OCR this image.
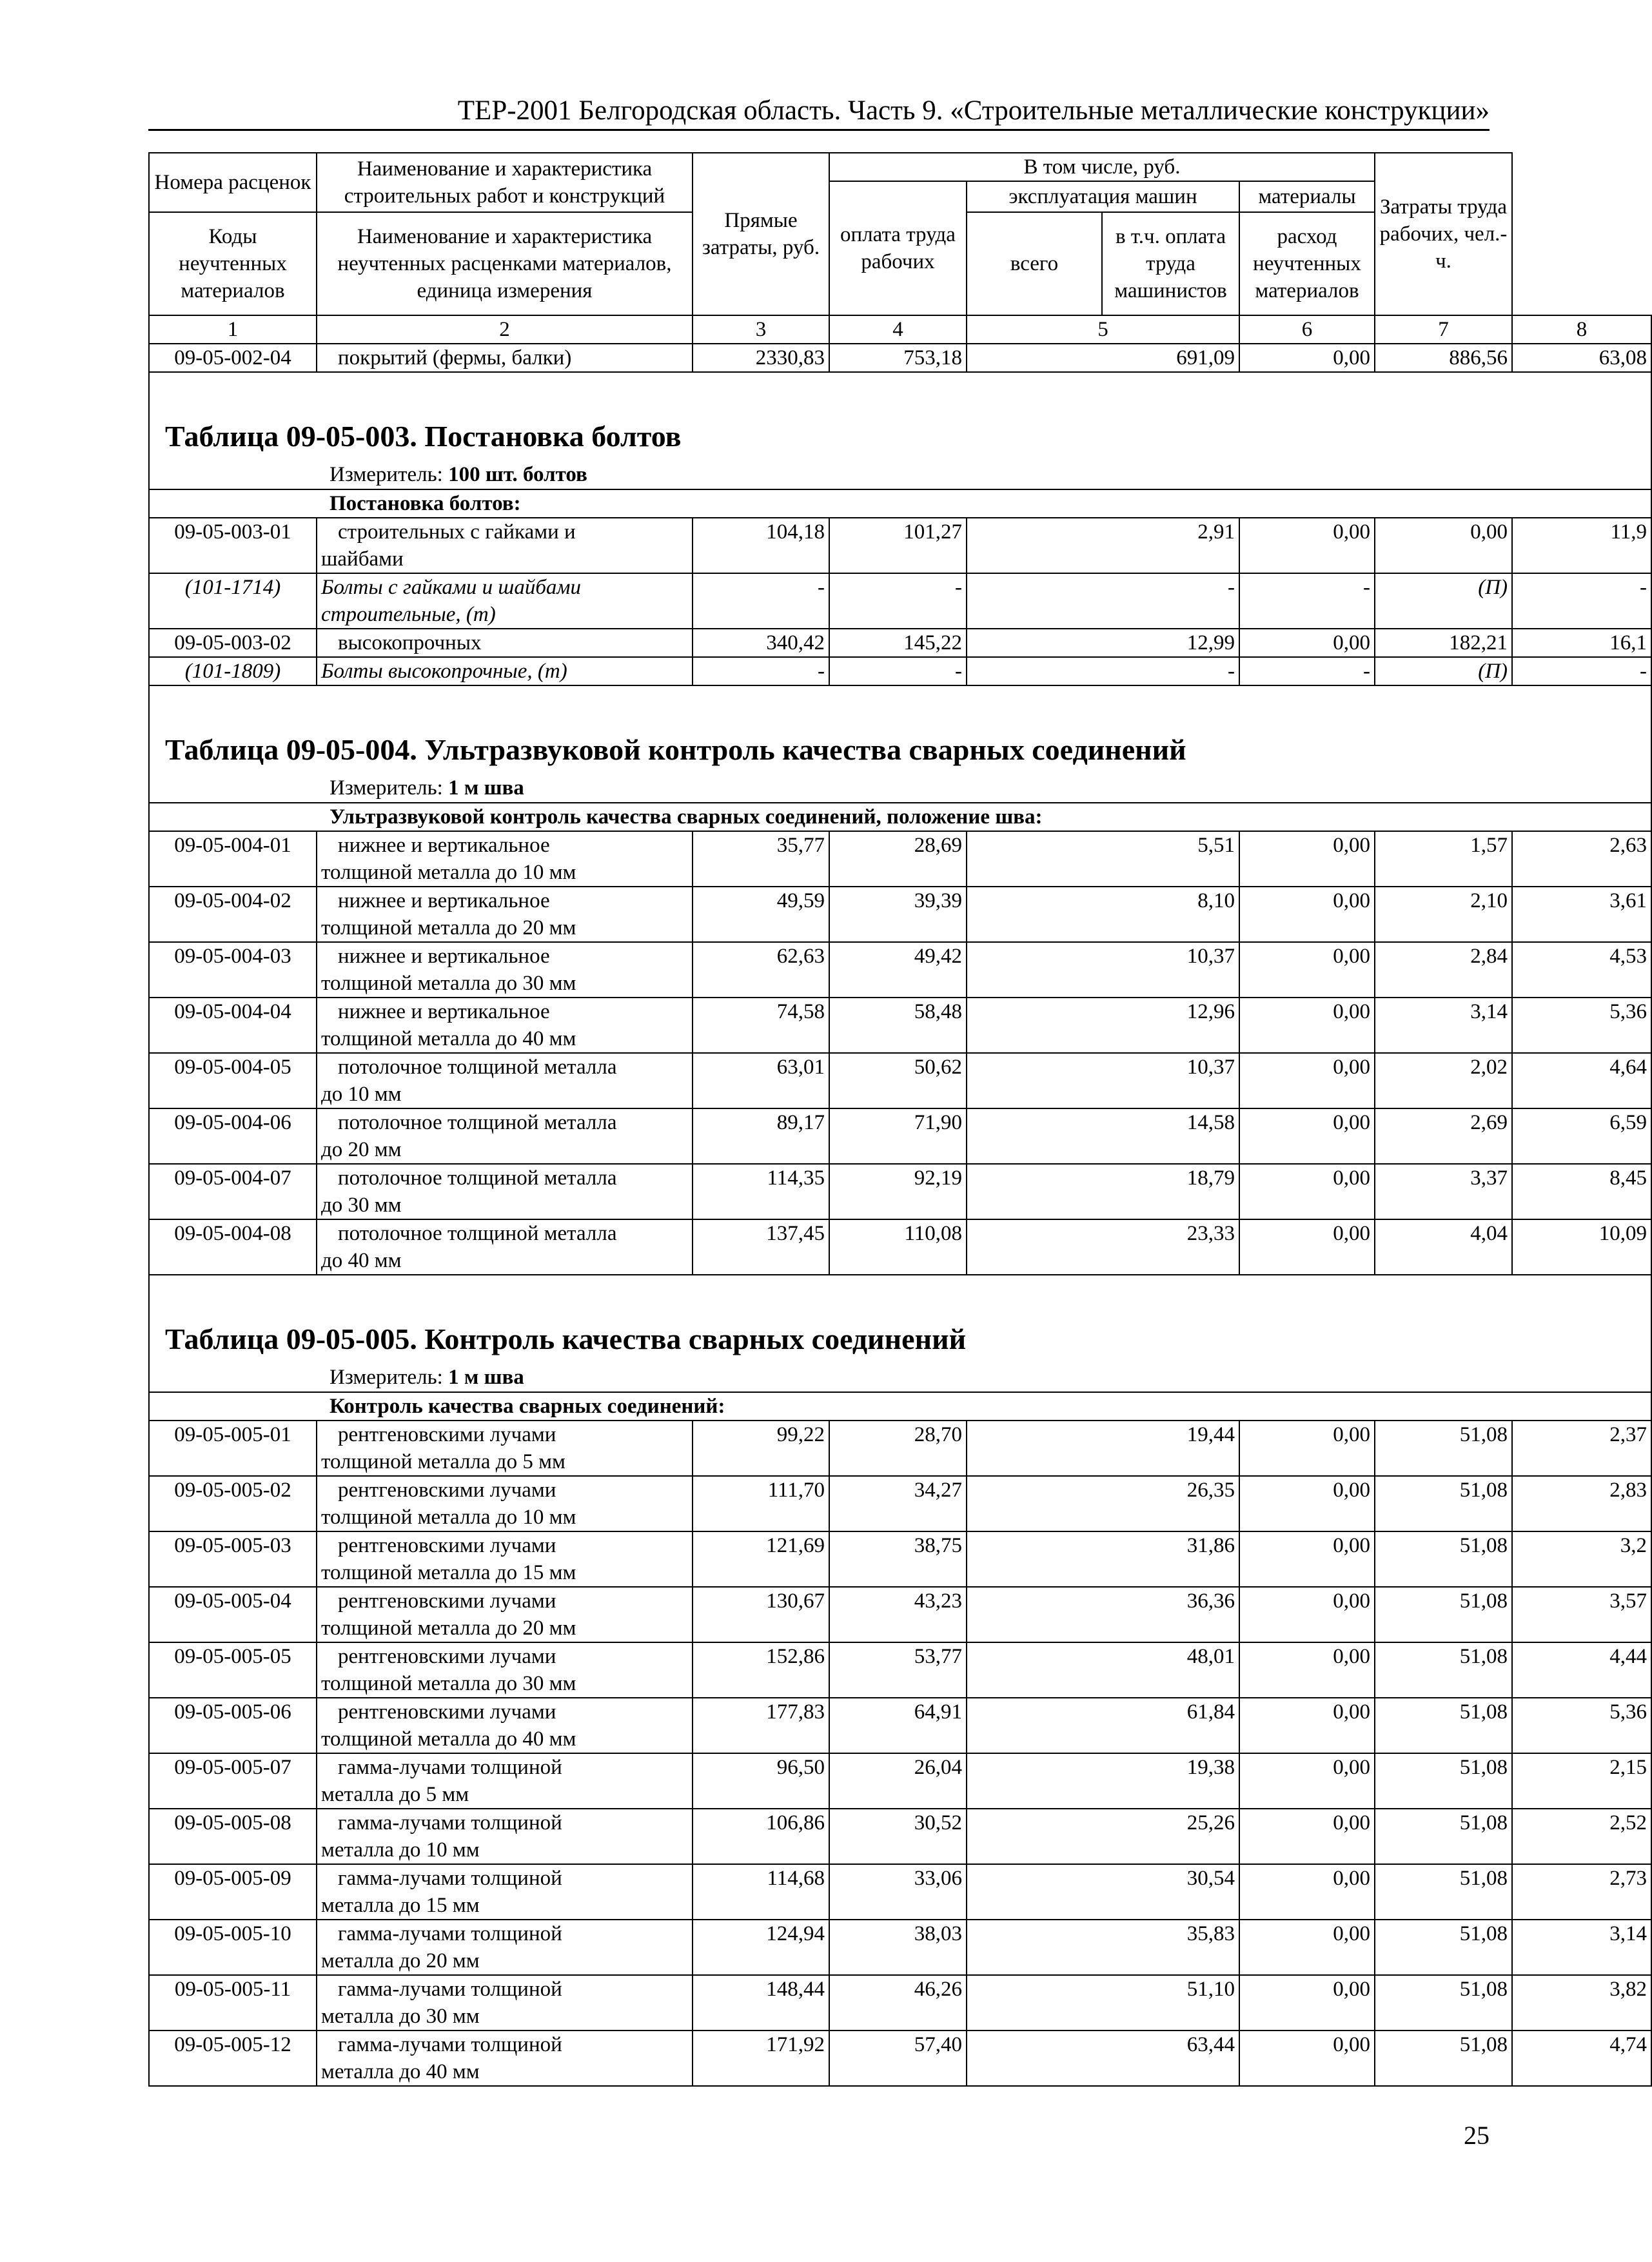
ТЕР-2001 Белгородская область. Часть 9. «Строительные металлические конструкции»
Номера расценок	Наименование и характеристика строительных работ и конструкций	Прямые затраты, руб.	В том числе, руб.				Затраты труда рабочих, чел.-ч.	
			оплата труда рабочих	эксплуатация машин		материалы		
Коды неучтенных материалов	Наименование и характеристика неучтенных расценками материалов, единица измерения			всего	в т.ч. оплата труда машинистов	расход неучтенных материалов		

1	2	3	4	5		6	7	8
09-05-002-04	покрытий (фермы, балки)	2330,83	753,18	691,09		0,00	886,56	63,08

Таблица 09-05-003. Постановка болтов								
	Измеритель: 100 шт. болтов							
	Постановка болтов:							
09-05-003-01	строительных с гайками и
шайбами	104,18	101,27	2,91		0,00	0,00	11,9
(101-1714)	Болты с гайками и шайбами
строительные, (т)	-	-	-		-	(П)	-
09-05-003-02	высокопрочных	340,42	145,22	12,99		0,00	182,21	16,1
(101-1809)	Болты высокопрочные, (т)	-	-	-		-	(П)	-

Таблица 09-05-004. Ультразвуковой контроль качества сварных соединений								
	Измеритель: 1 м шва							
	Ультразвуковой контроль качества сварных соединений, положение шва:							
09-05-004-01	нижнее и вертикальное
толщиной металла до 10 мм	35,77	28,69	5,51		0,00	1,57	2,63
09-05-004-02	нижнее и вертикальное
толщиной металла до 20 мм	49,59	39,39	8,10		0,00	2,10	3,61
09-05-004-03	нижнее и вертикальное
толщиной металла до 30 мм	62,63	49,42	10,37		0,00	2,84	4,53
09-05-004-04	нижнее и вертикальное
толщиной металла до 40 мм	74,58	58,48	12,96		0,00	3,14	5,36
09-05-004-05	потолочное толщиной металла
до 10 мм	63,01	50,62	10,37		0,00	2,02	4,64
09-05-004-06	потолочное толщиной металла
до 20 мм	89,17	71,90	14,58		0,00	2,69	6,59
09-05-004-07	потолочное толщиной металла
до 30 мм	114,35	92,19	18,79		0,00	3,37	8,45
09-05-004-08	потолочное толщиной металла
до 40 мм	137,45	110,08	23,33		0,00	4,04	10,09

Таблица 09-05-005. Контроль качества сварных соединений								
	Измеритель: 1 м шва							
	Контроль качества сварных соединений:							
09-05-005-01	рентгеновскими лучами
толщиной металла до 5 мм	99,22	28,70	19,44		0,00	51,08	2,37
09-05-005-02	рентгеновскими лучами
толщиной металла до 10 мм	111,70	34,27	26,35		0,00	51,08	2,83
09-05-005-03	рентгеновскими лучами
толщиной металла до 15 мм	121,69	38,75	31,86		0,00	51,08	3,2
09-05-005-04	рентгеновскими лучами
толщиной металла до 20 мм	130,67	43,23	36,36		0,00	51,08	3,57
09-05-005-05	рентгеновскими лучами
толщиной металла до 30 мм	152,86	53,77	48,01		0,00	51,08	4,44
09-05-005-06	рентгеновскими лучами
толщиной металла до 40 мм	177,83	64,91	61,84		0,00	51,08	5,36
09-05-005-07	гамма-лучами толщиной
металла до 5 мм	96,50	26,04	19,38		0,00	51,08	2,15
09-05-005-08	гамма-лучами толщиной
металла до 10 мм	106,86	30,52	25,26		0,00	51,08	2,52
09-05-005-09	гамма-лучами толщиной
металла до 15 мм	114,68	33,06	30,54		0,00	51,08	2,73
09-05-005-10	гамма-лучами толщиной
металла до 20 мм	124,94	38,03	35,83		0,00	51,08	3,14
09-05-005-11	гамма-лучами толщиной
металла до 30 мм	148,44	46,26	51,10		0,00	51,08	3,82
09-05-005-12	гамма-лучами толщиной
металла до 40 мм	171,92	57,40	63,44		0,00	51,08	4,74
25
